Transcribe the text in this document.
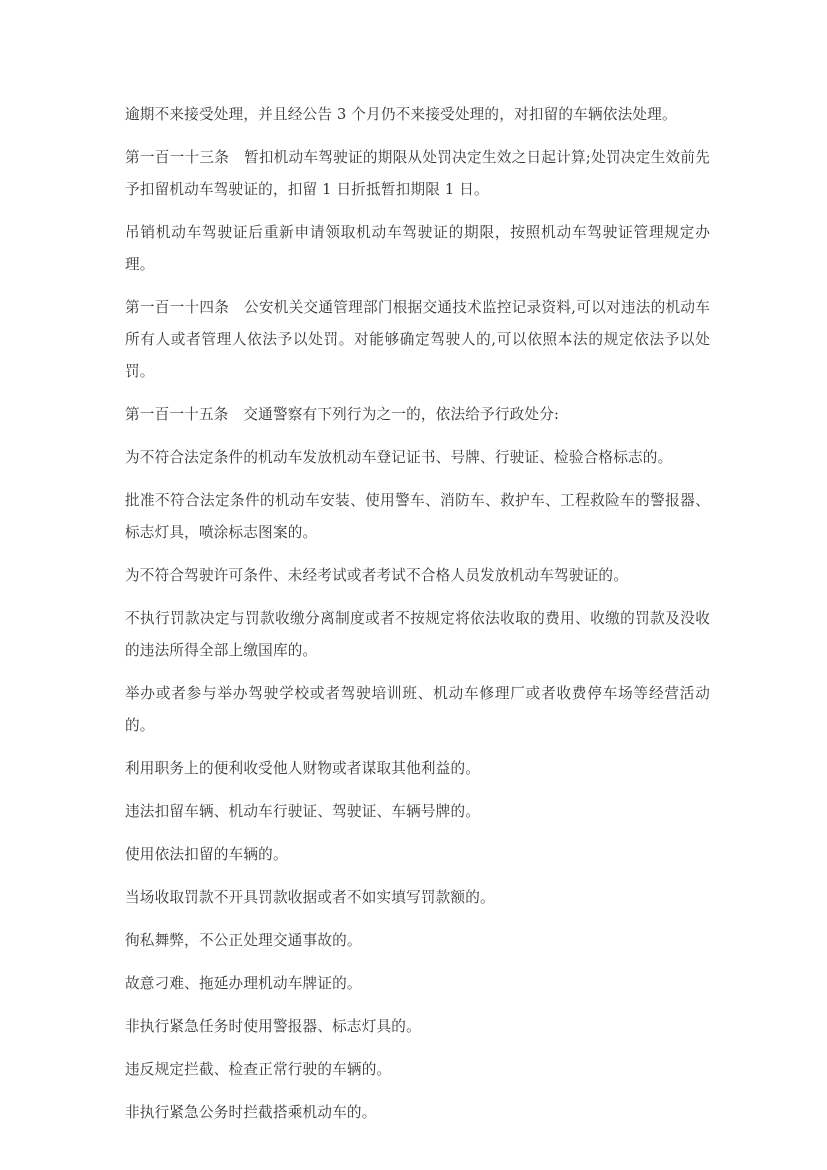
逾期不来接受处理，并且经公告 3 个月仍不来接受处理的，对扣留的车辆依法处理。

第一百一十三条　暂扣机动车驾驶证的期限从处罚决定生效之日起计算;处罚决定生效前先予扣留机动车驾驶证的，扣留 1 日折抵暂扣期限 1 日。

吊销机动车驾驶证后重新申请领取机动车驾驶证的期限，按照机动车驾驶证管理规定办理。

第一百一十四条　公安机关交通管理部门根据交通技术监控记录资料,可以对违法的机动车所有人或者管理人依法予以处罚。对能够确定驾驶人的,可以依照本法的规定依法予以处罚。

第一百一十五条　交通警察有下列行为之一的，依法给予行政处分:

为不符合法定条件的机动车发放机动车登记证书、号牌、行驶证、检验合格标志的。

批准不符合法定条件的机动车安装、使用警车、消防车、救护车、工程救险车的警报器、标志灯具，喷涂标志图案的。

为不符合驾驶许可条件、未经考试或者考试不合格人员发放机动车驾驶证的。

不执行罚款决定与罚款收缴分离制度或者不按规定将依法收取的费用、收缴的罚款及没收的违法所得全部上缴国库的。

举办或者参与举办驾驶学校或者驾驶培训班、机动车修理厂或者收费停车场等经营活动的。

利用职务上的便利收受他人财物或者谋取其他利益的。

违法扣留车辆、机动车行驶证、驾驶证、车辆号牌的。

使用依法扣留的车辆的。

当场收取罚款不开具罚款收据或者不如实填写罚款额的。

徇私舞弊，不公正处理交通事故的。

故意刁难、拖延办理机动车牌证的。

非执行紧急任务时使用警报器、标志灯具的。

违反规定拦截、检查正常行驶的车辆的。

非执行紧急公务时拦截搭乘机动车的。
